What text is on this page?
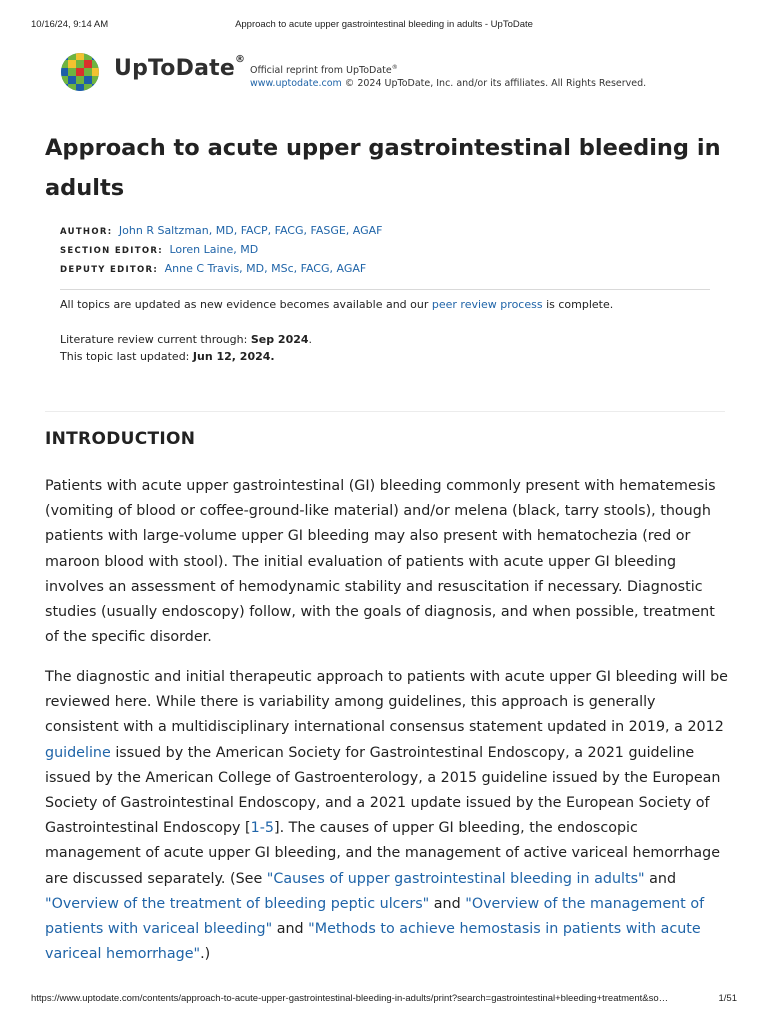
10/16/24, 9:14 AM	Approach to acute upper gastrointestinal bleeding in adults - UpToDate
UpToDate®
Official reprint from UpToDate®
www.uptodate.com © 2024 UpToDate, Inc. and/or its affiliates. All Rights Reserved.
Approach to acute upper gastrointestinal bleeding in adults
AUTHOR: John R Saltzman, MD, FACP, FACG, FASGE, AGAF
SECTION EDITOR: Loren Laine, MD
DEPUTY EDITOR: Anne C Travis, MD, MSc, FACG, AGAF
All topics are updated as new evidence becomes available and our peer review process is complete.
Literature review current through: Sep 2024.
This topic last updated: Jun 12, 2024.
INTRODUCTION

Patients with acute upper gastrointestinal (GI) bleeding commonly present with hematemesis (vomiting of blood or coffee-ground-like material) and/or melena (black, tarry stools), though patients with large-volume upper GI bleeding may also present with hematochezia (red or maroon blood with stool). The initial evaluation of patients with acute upper GI bleeding involves an assessment of hemodynamic stability and resuscitation if necessary. Diagnostic studies (usually endoscopy) follow, with the goals of diagnosis, and when possible, treatment of the specific disorder.

The diagnostic and initial therapeutic approach to patients with acute upper GI bleeding will be reviewed here. While there is variability among guidelines, this approach is generally consistent with a multidisciplinary international consensus statement updated in 2019, a 2012 guideline issued by the American Society for Gastrointestinal Endoscopy, a 2021 guideline issued by the American College of Gastroenterology, a 2015 guideline issued by the European Society of Gastrointestinal Endoscopy, and a 2021 update issued by the European Society of Gastrointestinal Endoscopy [1-5]. The causes of upper GI bleeding, the endoscopic management of acute upper GI bleeding, and the management of active variceal hemorrhage are discussed separately. (See "Causes of upper gastrointestinal bleeding in adults" and "Overview of the treatment of bleeding peptic ulcers" and "Overview of the management of patients with variceal bleeding" and "Methods to achieve hemostasis in patients with acute variceal hemorrhage".)

https://www.uptodate.com/contents/approach-to-acute-upper-gastrointestinal-bleeding-in-adults/print?search=gastrointestinal+bleeding+treatment&so…	1/51
